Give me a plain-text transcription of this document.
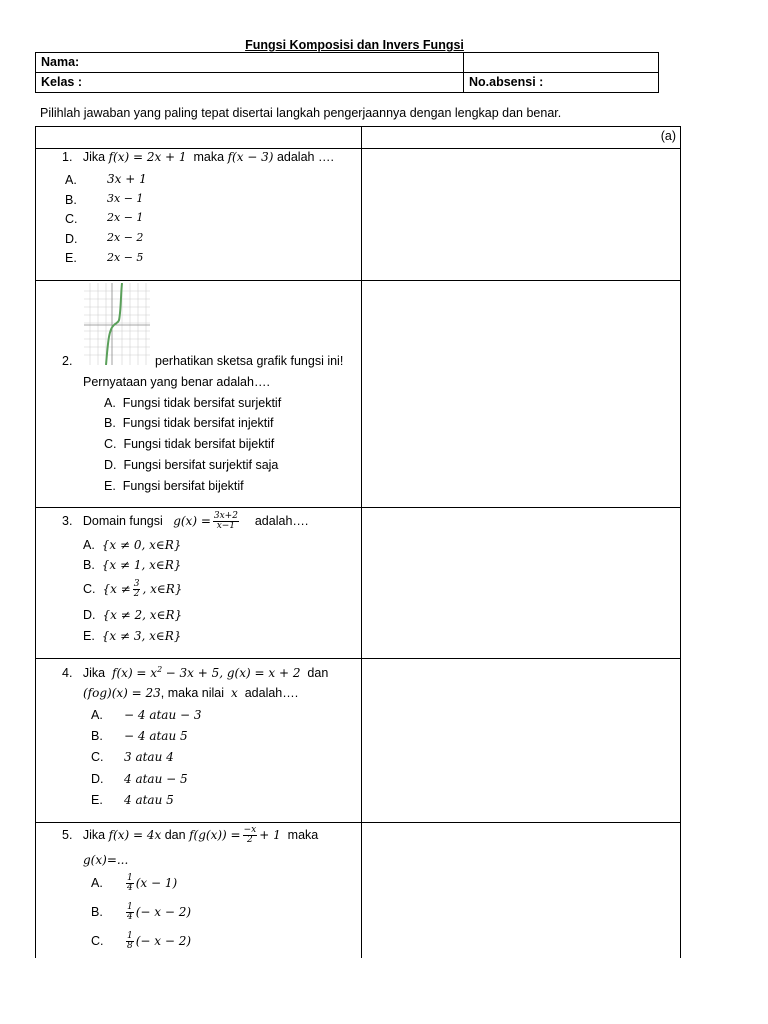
Fungsi Komposisi dan Invers Fungsi
Nama:	
Kelas :	No.absensi :
Pilihlah jawaban yang paling tepat disertai langkah pengerjaannya dengan lengkap dan benar.
(a)
1. Jika f(x) = 2x + 1 maka f(x − 3) adalah ….
A.	3x + 1
B.	3x − 1
C.	2x − 1
D.	2x − 2
E.	2x − 5
2.	perhatikan sketsa grafik fungsi ini!
Pernyataan yang benar adalah….
A. Fungsi tidak bersifat surjektif
B. Fungsi tidak bersifat injektif
C. Fungsi tidak bersifat bijektif
D. Fungsi bersifat surjektif saja
E. Fungsi bersifat bijektif
3. Domain fungsi $g(x) = \frac{3x+2}{x-1}$ adalah….
A. {x ≠ 0, x∈R}
B. {x ≠ 1, x∈R}
C. {$x \ne \frac{3}{2}$ , x∈R}
D. {x ≠ 2, x∈R}
E. {x ≠ 3, x∈R}
4. Jika $f(x) = x^2 - 3x + 5$, g(x) = x + 2 dan
(fog)(x) = 23, maka nilai x adalah….
A. − 4 atau − 3
B. − 4 atau 5
C. 3 atau 4
D. 4 atau − 5
E. 4 atau 5
5. Jika f(x) = 4x dan $f(g(x)) = \frac{-x}{2} + 1$ maka
g(x)=...
A.	$\frac{1}{4} (x - 1)$
B.	$\frac{1}{4}$ (− x − 2)
C.	$\frac{1}{8}$ (− x − 2)
